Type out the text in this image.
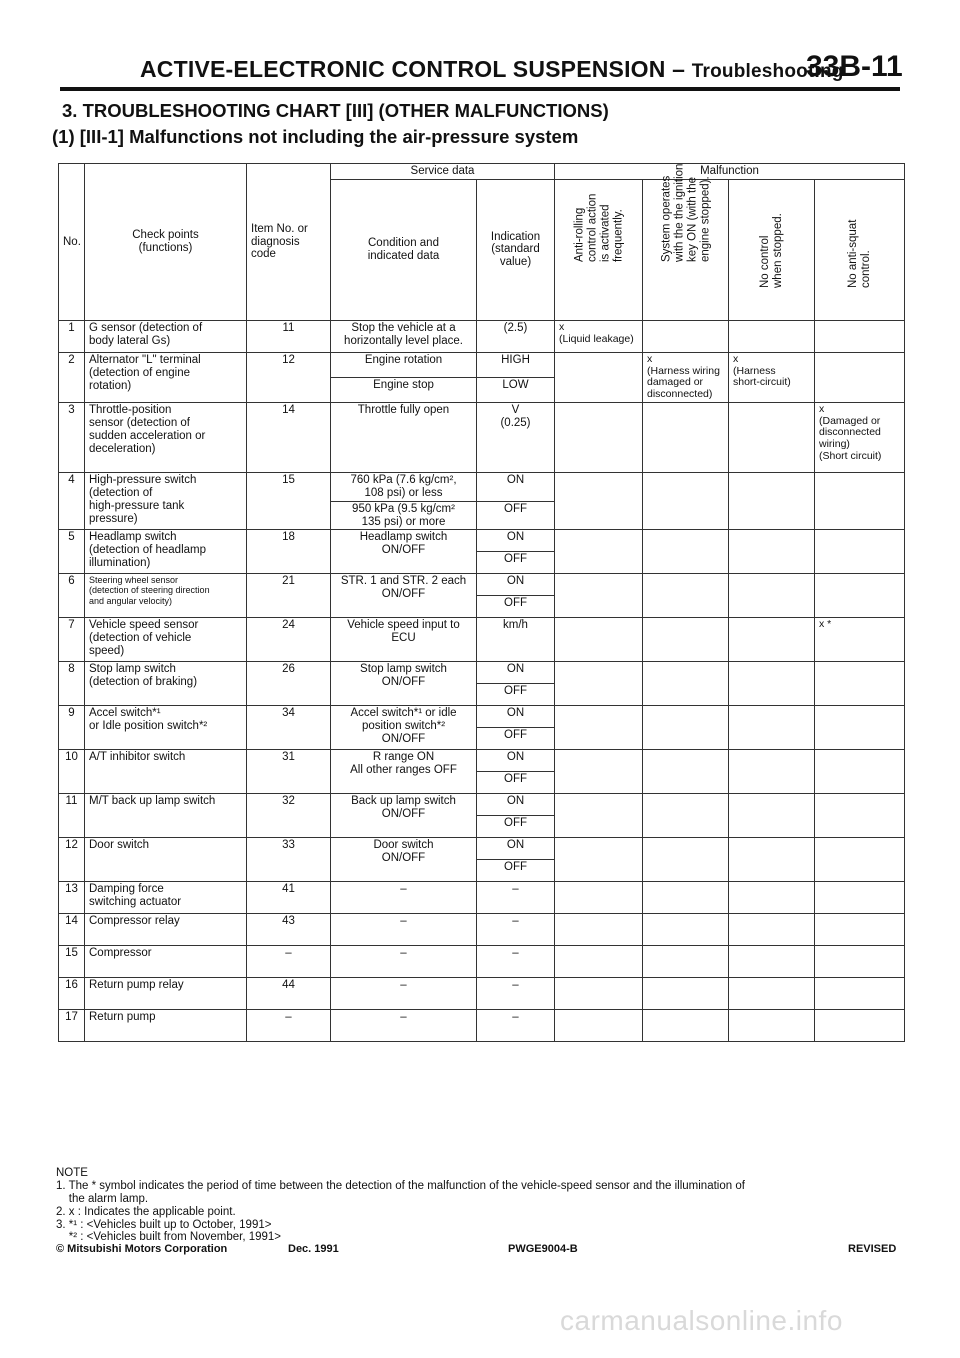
ACTIVE-ELECTRONIC CONTROL SUSPENSION – Troubleshooting
33B-11
3. TROUBLESHOOTING CHART [III] (OTHER MALFUNCTIONS)
(1) [III-1] Malfunctions not including the air-pressure system
No.	Check points
(functions)	Item No. or
diagnosis
code	Service data		Malfunction			
			Condition and
indicated data	Indication
(standard
value)	Anti-rolling
control action
is activated
frequently.	System operates
with the the ignition
key ON (with the
engine stopped).	No control
when stopped.	No anti-squat
control.

1	G sensor (detection of
body lateral Gs)	11	Stop the vehicle at a
horizontally level place.	(2.5)	x
(Liquid leakage)			
2	Alternator "L" terminal
(detection of engine
rotation)	12	Engine rotation	HIGH		x
(Harness wiring
damaged or
disconnected)	x
(Harness
short-circuit)	
			Engine stop	LOW				
3	Throttle-position
sensor (detection of
sudden acceleration or
deceleration)	14	Throttle fully open	V
(0.25)				x
(Damaged or
disconnected
wiring)
(Short circuit)
4	High-pressure switch
(detection of
high-pressure tank
pressure)	15	760 kPa (7.6 kg/cm²,
108 psi) or less	ON				
			950 kPa (9.5 kg/cm²
135 psi) or more	OFF				
5	Headlamp switch
(detection of headlamp
illumination)	18	Headlamp switch
ON/OFF	ON				
				OFF				
6	Steering wheel sensor
(detection of steering direction
and angular velocity)	21	STR. 1 and STR. 2 each
ON/OFF	ON				
				OFF				
7	Vehicle speed sensor
(detection of vehicle
speed)	24	Vehicle speed input to
ECU	km/h				x *
8	Stop lamp switch
(detection of braking)	26	Stop lamp switch
ON/OFF	ON				
				OFF				
9	Accel switch*¹
or Idle position switch*²	34	Accel switch*¹ or idle
position switch*²
ON/OFF	ON				
				OFF				
10	A/T inhibitor switch	31	R range ON
All other ranges OFF	ON				
				OFF				
11	M/T back up lamp switch	32	Back up lamp switch
ON/OFF	ON				
				OFF				
12	Door switch	33	Door switch
ON/OFF	ON				
				OFF				
13	Damping force
switching actuator	41	–	–				
14	Compressor relay	43	–	–				
15	Compressor	–	–	–				
16	Return pump relay	44	–	–				
17	Return pump	–	–	–				
NOTE
1. The * symbol indicates the period of time between the detection of the malfunction of the vehicle-speed sensor and the illumination of
the alarm lamp.
2. x : Indicates the applicable point.
3. *¹ : <Vehicles built up to October, 1991>
*² : <Vehicles built from November, 1991>
© Mitsubishi Motors Corporation	Dec. 1991	PWGE9004-B	REVISED
carmanualsonline.info
